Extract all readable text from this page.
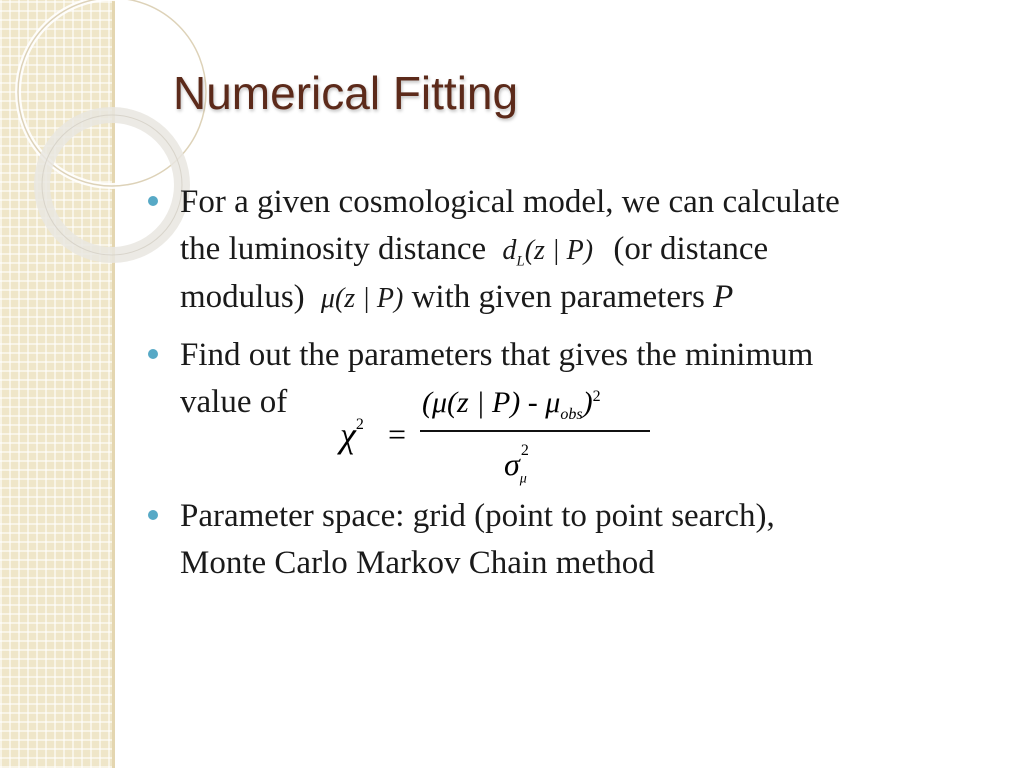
Numerical Fitting
For a given cosmological model, we can calculate
the luminosity distance $d_L(z$ | P) (or distance
modulus) μ(z | P) with given parameters P
Find out the parameters that gives the minimum
value of
Parameter space: grid (point to point search),
Monte Carlo Markov Chain method
$\chi^2$ =
(μ(z | $P) - \mu_{obs})^2$
$\sigma_\mu^2$
